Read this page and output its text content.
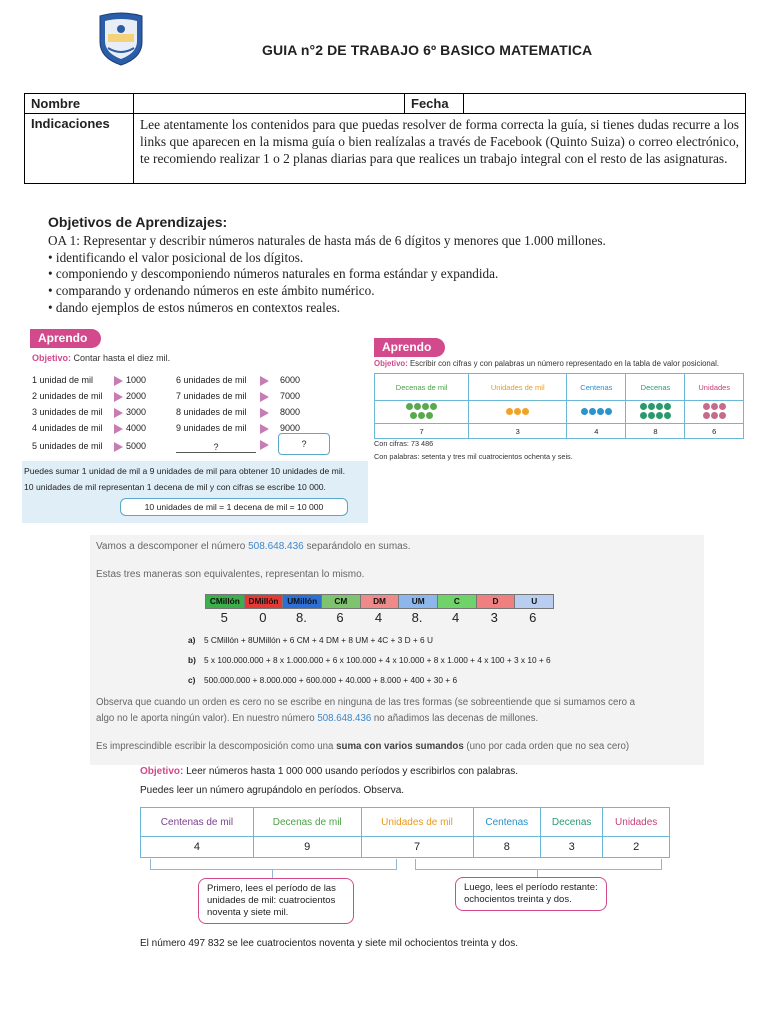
GUIA n°2 DE TRABAJO 6º BASICO MATEMATICA
Nombre		Fecha	
Indicaciones	Lee atentamente los contenidos para que puedas resolver de forma correcta la guía, si tienes dudas recurre a los links que aparecen en la misma guía o bien realízalas a través de Facebook (Quinto Suiza) o correo electrónico, te recomiendo realizar 1 o 2 planas diarias para que realices un trabajo integral con el resto de las asignaturas.		
Objetivos de Aprendizajes:
OA 1: Representar y describir números naturales de hasta más de 6 dígitos y menores que 1.000 millones.
• identificando el valor posicional de los dígitos.
• componiendo y descomponiendo números naturales en forma estándar y expandida.
• comparando y ordenando números en este ámbito numérico.
• dando ejemplos de estos números en contextos reales.
Aprendo
Objetivo: Contar hasta el diez mil.
1 unidad de mil	1000
2 unidades de mil	2000
3 unidades de mil	3000
4 unidades de mil	4000
5 unidades de mil	5000
6 unidades de mil	6000
7 unidades de mil	7000
8 unidades de mil	8000
9 unidades de mil	9000
?	?
Puedes sumar 1 unidad de mil a 9 unidades de mil para obtener 10 unidades de mil.
10 unidades de mil representan 1 decena de mil y con cifras se escribe 10 000.
10 unidades de mil = 1 decena de mil = 10 000
Aprendo
Objetivo: Escribir con cifras y con palabras un número representado en la tabla de valor posicional.
Decenas de mil	Unidades de mil	Centenas	Decenas	Unidades

7	3	4	8	6
Con cifras: 73 486
Con palabras: setenta y tres mil cuatrocientos ochenta y seis.
Vamos a descomponer el número 508.648.436 separándolo en sumas.
Estas tres maneras son equivalentes, representan lo mismo.
CMillón	DMillón	UMillón	CM	DM	UM	C	D	U
5	0	8.	6	4	8.	4	3	6
a) 5 CMillón + 8UMillón + 6 CM + 4 DM + 8 UM + 4C + 3 D + 6 U
b) 5 x 100.000.000 + 8 x 1.000.000 + 6 x 100.000 + 4 x 10.000 + 8 x 1.000 + 4 x 100 + 3 x 10 + 6
c) 500.000.000 + 8.000.000 + 600.000 + 40.000 + 8.000 + 400 + 30 + 6
Observa que cuando un orden es cero no se escribe en ninguna de las tres formas (se sobreentiende que si sumamos cero a
algo no le aporta ningún valor). En nuestro número 508.648.436 no añadimos las decenas de millones.
Es imprescindible escribir la descomposición como una suma con varios sumandos (uno por cada orden que no sea cero)
Objetivo: Leer números hasta 1 000 000 usando períodos y escribirlos con palabras.
Puedes leer un número agrupándolo en períodos. Observa.
Centenas de mil	Decenas de mil	Unidades de mil	Centenas	Decenas	Unidades
4	9	7	8	3	2
Primero, lees el período de las unidades de mil: cuatrocientos noventa y siete mil.
Luego, lees el período restante: ochocientos treinta y dos.
El número 497 832 se lee cuatrocientos noventa y siete mil ochocientos treinta y dos.
